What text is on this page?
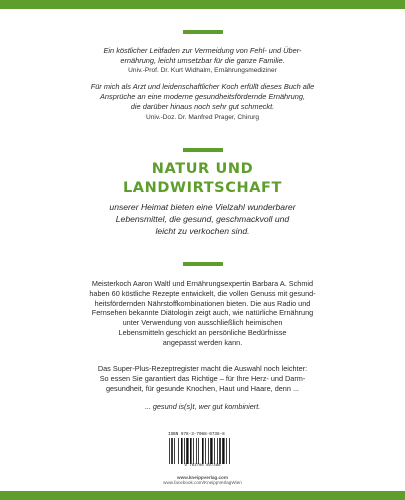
Ein köstlicher Leitfaden zur Vermeidung von Fehl- und Über-
ernährung, leicht umsetzbar für die ganze Familie.
Univ.-Prof. Dr. Kurt Widhalm, Ernährungsmediziner
Für mich als Arzt und leidenschaftlicher Koch erfüllt dieses Buch alle
Ansprüche an eine moderne gesundheitsfördernde Ernährung,
die darüber hinaus noch sehr gut schmeckt.
Univ.-Doz. Dr. Manfred Prager, Chirurg
NATUR UND
LANDWIRTSCHAFT
unserer Heimat bieten eine Vielzahl wunderbarer
Lebensmittel, die gesund, geschmackvoll und
leicht zu verkochen sind.
Meisterkoch Aaron Waltl und Ernährungsexpertin Barbara A. Schmid
haben 60 köstliche Rezepte entwickelt, die vollen Genuss mit gesund-
heitsfördernden Nährstoffkombinationen bieten. Die aus Radio und
Fernsehen bekannte Diätologin zeigt auch, wie natürliche Ernährung
unter Verwendung von ausschließlich heimischen
Lebensmitteln geschickt an persönliche Bedürfnisse
angepasst werden kann.
Das Super-Plus-Rezeptregister macht die Auswahl noch leichter:
So essen Sie garantiert das Richtige – für Ihre Herz- und Darm-
gesundheit, für gesunde Knochen, Haut und Haare, denn ...
... gesund is(s)t, wer gut kombiniert.
ISBN 978-3-7088-0738-8
9 783708 807388
www.kneippverlag.com
www.facebook.com/KneippVerlagWien
